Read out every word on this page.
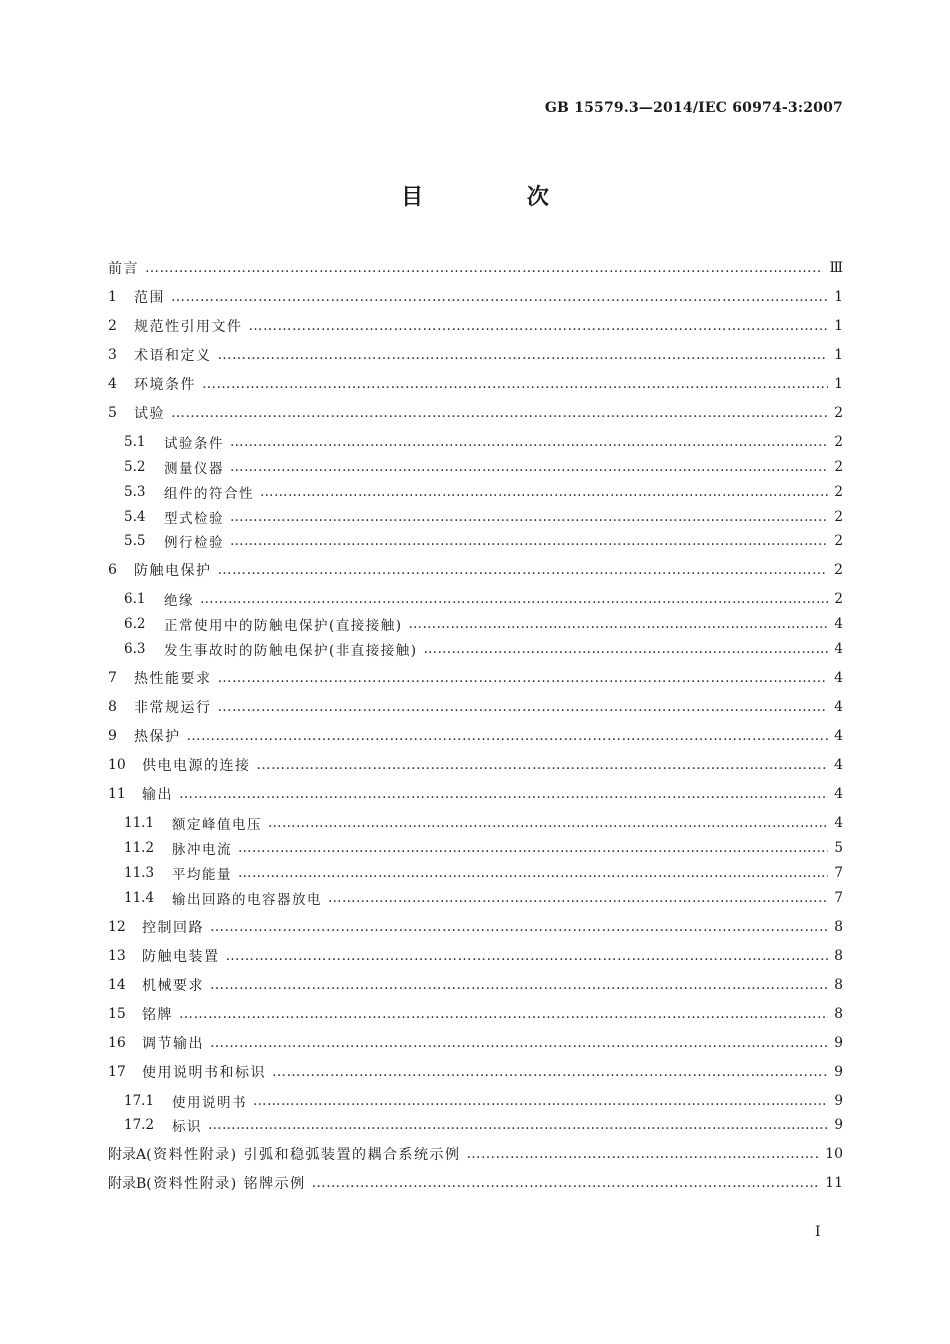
GB 15579.3—2014/IEC 60974-3:2007
目 次
前言 ………………………………………………………………………………………………………………………………………………………………………………	Ⅲ
1	范围 ………………………………………………………………………………………………………………………………………………………………………………	1
2	规范性引用文件 ………………………………………………………………………………………………………………………………………………………………………………	1
3	术语和定义 ………………………………………………………………………………………………………………………………………………………………………………	1
4	环境条件 ………………………………………………………………………………………………………………………………………………………………………………	1
5	试验 ………………………………………………………………………………………………………………………………………………………………………………	2
5.1	试验条件 ………………………………………………………………………………………………………………………………………………………………………………	2
5.2	测量仪器 ………………………………………………………………………………………………………………………………………………………………………………	2
5.3	组件的符合性 ………………………………………………………………………………………………………………………………………………………………………………	2
5.4	型式检验 ………………………………………………………………………………………………………………………………………………………………………………	2
5.5	例行检验 ………………………………………………………………………………………………………………………………………………………………………………	2
6	防触电保护 ………………………………………………………………………………………………………………………………………………………………………………	2
6.1	绝缘 ………………………………………………………………………………………………………………………………………………………………………………	2
6.2	正常使用中的防触电保护(直接接触) ………………………………………………………………………………………………………………………………………………………………………………	4
6.3	发生事故时的防触电保护(非直接接触) ………………………………………………………………………………………………………………………………………………………………………………	4
7	热性能要求 ………………………………………………………………………………………………………………………………………………………………………………	4
8	非常规运行 ………………………………………………………………………………………………………………………………………………………………………………	4
9	热保护 ………………………………………………………………………………………………………………………………………………………………………………	4
10	供电电源的连接 ………………………………………………………………………………………………………………………………………………………………………………	4
11	输出 ………………………………………………………………………………………………………………………………………………………………………………	4
11.1	额定峰值电压 ………………………………………………………………………………………………………………………………………………………………………………	4
11.2	脉冲电流 ………………………………………………………………………………………………………………………………………………………………………………	5
11.3	平均能量 ………………………………………………………………………………………………………………………………………………………………………………	7
11.4	输出回路的电容器放电 ………………………………………………………………………………………………………………………………………………………………………………	7
12	控制回路 ………………………………………………………………………………………………………………………………………………………………………………	8
13	防触电装置 ………………………………………………………………………………………………………………………………………………………………………………	8
14	机械要求 ………………………………………………………………………………………………………………………………………………………………………………	8
15	铭牌 ………………………………………………………………………………………………………………………………………………………………………………	8
16	调节输出 ………………………………………………………………………………………………………………………………………………………………………………	9
17	使用说明书和标识 ………………………………………………………………………………………………………………………………………………………………………………	9
17.1	使用说明书 ………………………………………………………………………………………………………………………………………………………………………………	9
17.2	标识 ………………………………………………………………………………………………………………………………………………………………………………	9
附录A (资料性附录) 引弧和稳弧装置的耦合系统示例 ………………………………………………………………………………………………………………………………………………………………………………	10
附录B (资料性附录) 铭牌示例 ………………………………………………………………………………………………………………………………………………………………………………	11
I
